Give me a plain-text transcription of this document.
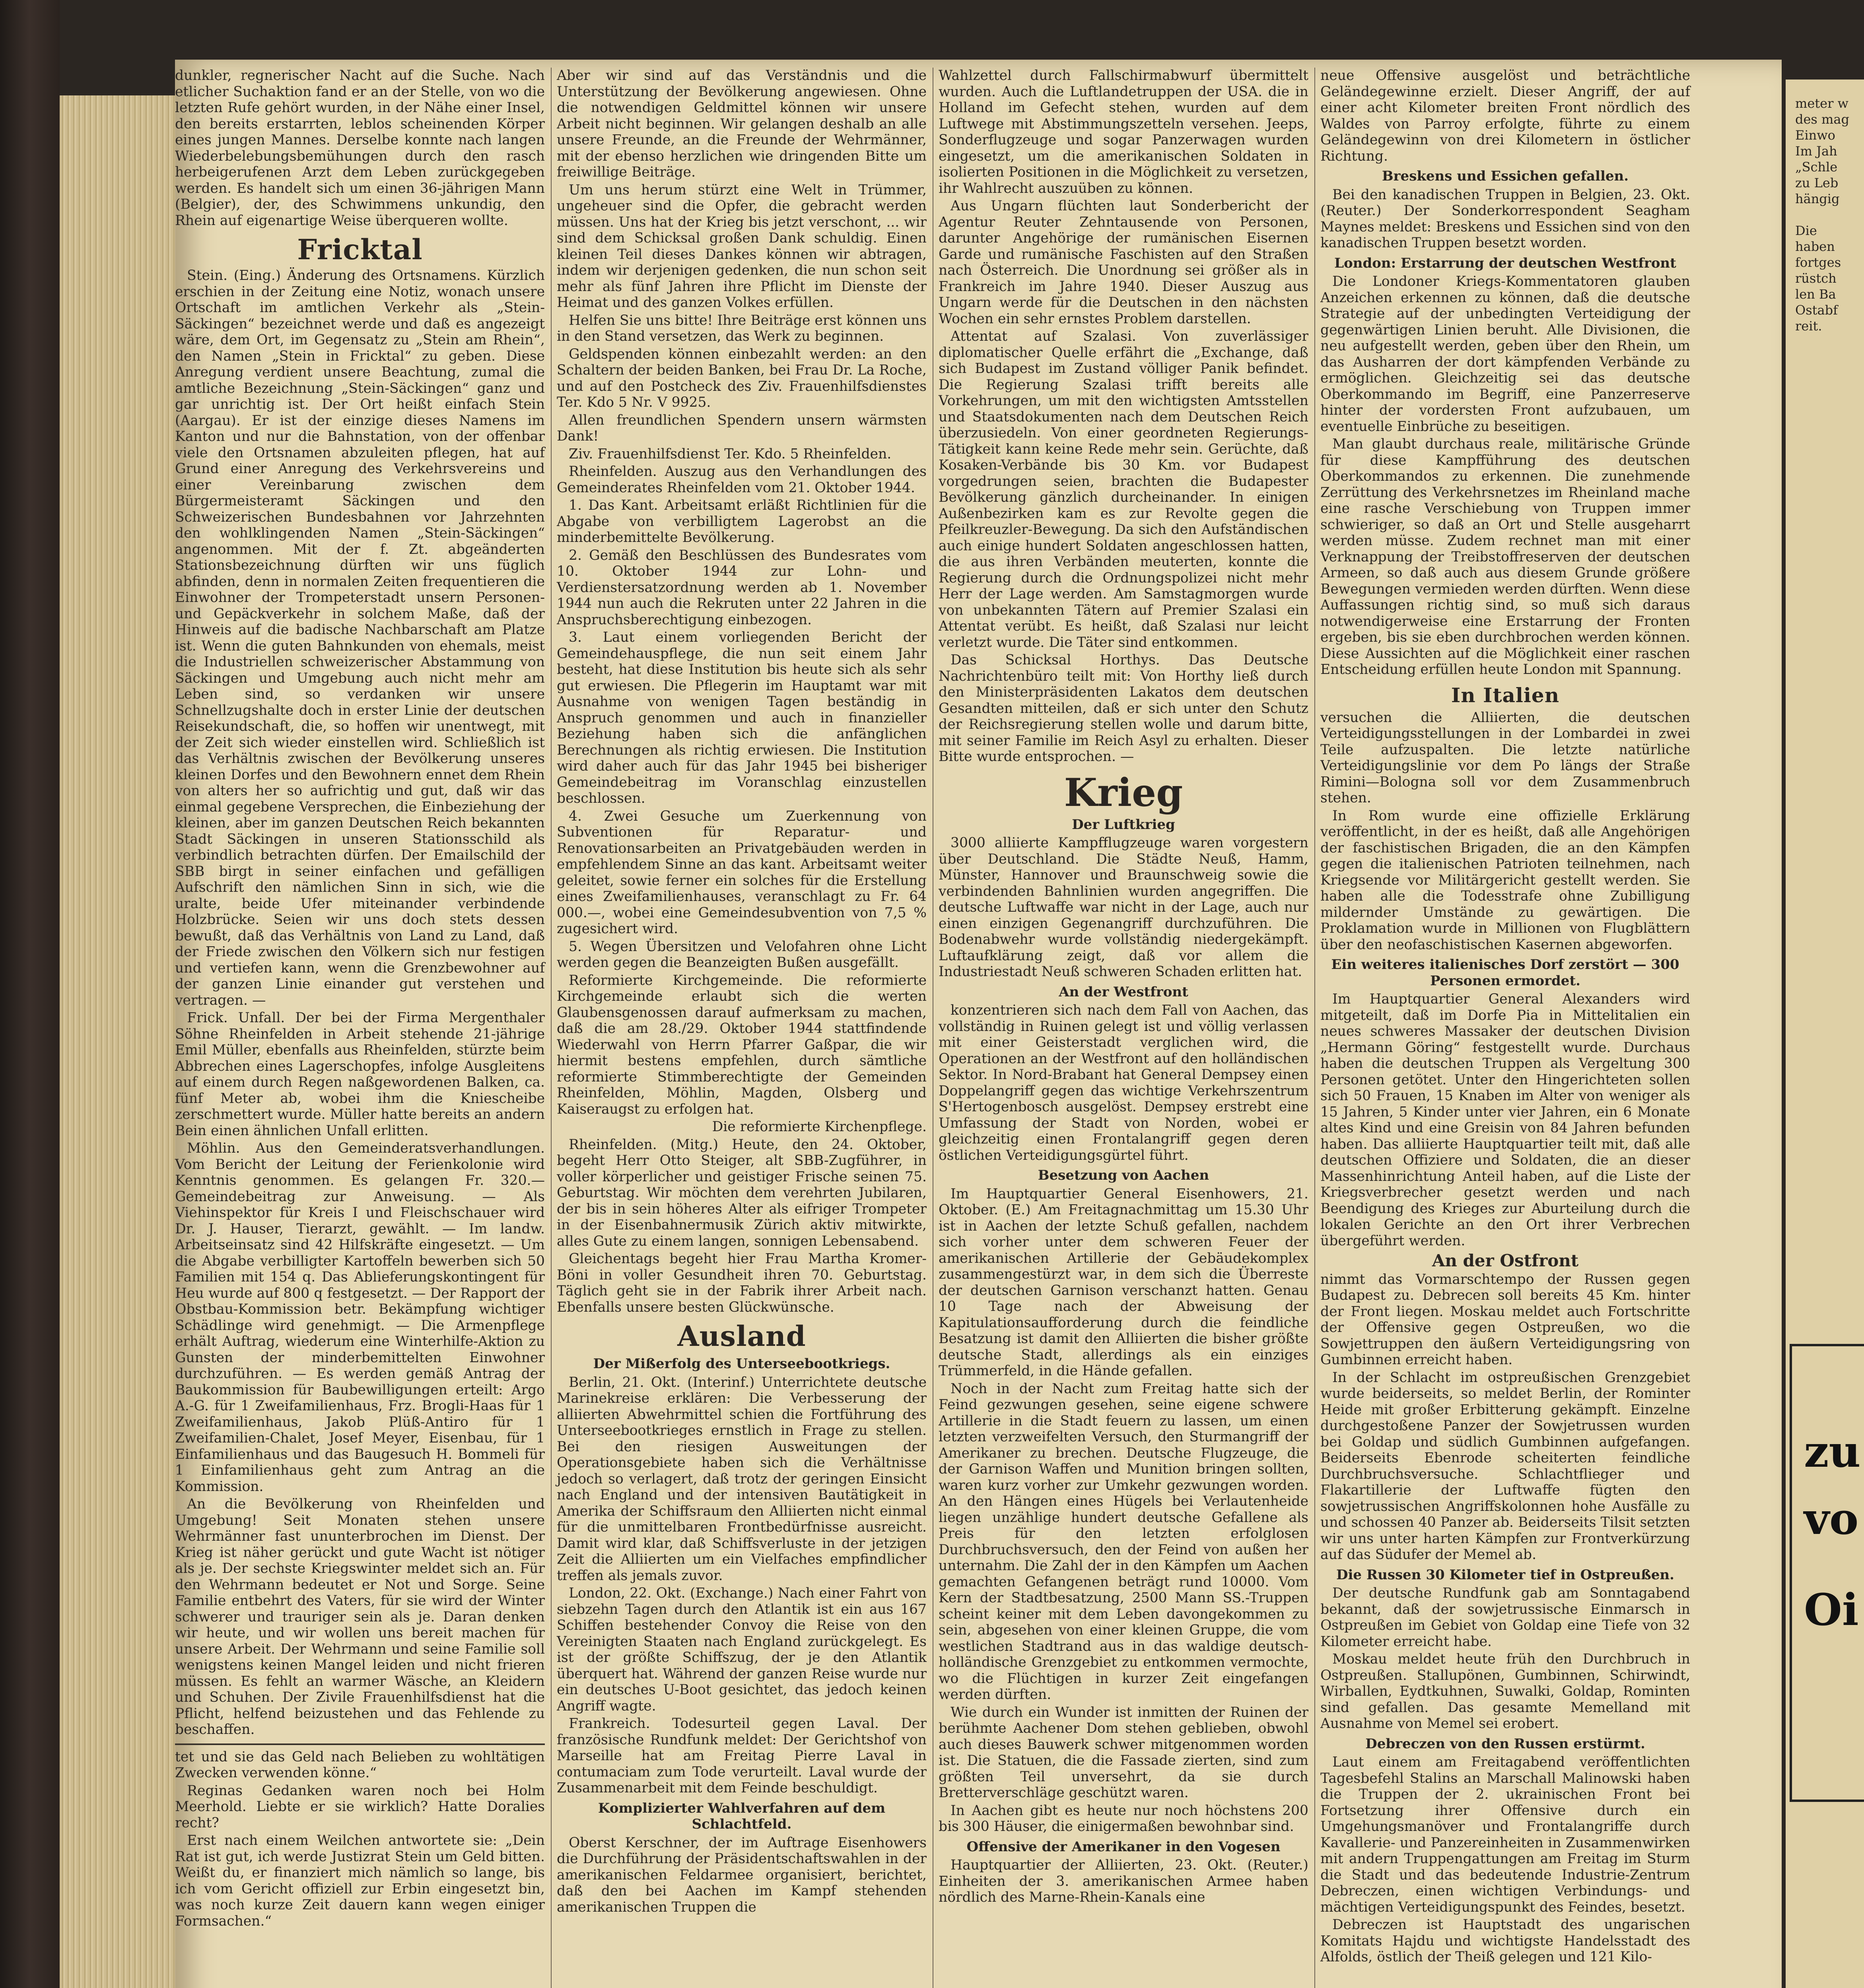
dunkler, regnerischer Nacht auf die Suche. Nach etlicher Suchaktion fand er an der Stelle, von wo die letzten Rufe gehört wurden, in der Nähe einer Insel, den bereits erstarrten, leblos scheinenden Körper eines jungen Mannes. Derselbe konnte nach langen Wiederbelebungsbemühungen durch den rasch herbeigerufenen Arzt dem Leben zurückgegeben werden. Es handelt sich um einen 36-jährigen Mann (Belgier), der, des Schwimmens unkundig, den Rhein auf eigenartige Weise überqueren wollte.

Fricktal

Stein. (Eing.) Änderung des Ortsnamens. Kürzlich erschien in der Zeitung eine Notiz, wonach unsere Ortschaft im amtlichen Verkehr als „Stein-Säckingen“ bezeichnet werde und daß es angezeigt wäre, dem Ort, im Gegensatz zu „Stein am Rhein“, den Namen „Stein in Fricktal“ zu geben. Diese Anregung verdient unsere Beachtung, zumal die amtliche Bezeichnung „Stein-Säckingen“ ganz und gar unrichtig ist. Der Ort heißt einfach Stein (Aargau). Er ist der einzige dieses Namens im Kanton und nur die Bahnstation, von der offenbar viele den Ortsnamen abzuleiten pflegen, hat auf Grund einer Anregung des Verkehrsvereins und einer Vereinbarung zwischen dem Bürgermeisteramt Säckingen und den Schweizerischen Bundesbahnen vor Jahrzehnten den wohlklingenden Namen „Stein-Säckingen“ angenommen. Mit der f. Zt. abgeänderten Stationsbezeichnung dürften wir uns füglich abfinden, denn in normalen Zeiten frequentieren die Einwohner der Trompeterstadt unsern Personen- und Gepäckverkehr in solchem Maße, daß der Hinweis auf die badische Nachbarschaft am Platze ist. Wenn die guten Bahnkunden von ehemals, meist die Industriellen schweizerischer Abstammung von Säckingen und Umgebung auch nicht mehr am Leben sind, so verdanken wir unsere Schnellzugshalte doch in erster Linie der deutschen Reisekundschaft, die, so hoffen wir unentwegt, mit der Zeit sich wieder einstellen wird. Schließlich ist das Verhältnis zwischen der Bevölkerung unseres kleinen Dorfes und den Bewohnern ennet dem Rhein von alters her so aufrichtig und gut, daß wir das einmal gegebene Versprechen, die Einbeziehung der kleinen, aber im ganzen Deutschen Reich bekannten Stadt Säckingen in unseren Stationsschild als verbindlich betrachten dürfen. Der Emailschild der SBB birgt in seiner einfachen und gefälligen Aufschrift den nämlichen Sinn in sich, wie die uralte, beide Ufer miteinander verbindende Holzbrücke. Seien wir uns doch stets dessen bewußt, daß das Verhältnis von Land zu Land, daß der Friede zwischen den Völkern sich nur festigen und vertiefen kann, wenn die Grenzbewohner auf der ganzen Linie einander gut verstehen und vertragen. —

Frick. Unfall. Der bei der Firma Mergenthaler Söhne Rheinfelden in Arbeit stehende 21-jährige Emil Müller, ebenfalls aus Rheinfelden, stürzte beim Abbrechen eines Lagerschopfes, infolge Ausgleitens auf einem durch Regen naßgewordenen Balken, ca. fünf Meter ab, wobei ihm die Kniescheibe zerschmettert wurde. Müller hatte bereits an andern Bein einen ähnlichen Unfall erlitten.

Möhlin. Aus den Gemeinderatsverhandlungen. Vom Bericht der Leitung der Ferienkolonie wird Kenntnis genommen. Es gelangen Fr. 320.— Gemeindebeitrag zur Anweisung. — Als Viehinspektor für Kreis I und Fleischschauer wird Dr. J. Hauser, Tierarzt, gewählt. — Im landw. Arbeitseinsatz sind 42 Hilfskräfte eingesetzt. — Um die Abgabe verbilligter Kartoffeln bewerben sich 50 Familien mit 154 q. Das Ablieferungskontingent für Heu wurde auf 800 q festgesetzt. — Der Rapport der Obstbau-Kommission betr. Bekämpfung wichtiger Schädlinge wird genehmigt. — Die Armenpflege erhält Auftrag, wiederum eine Winterhilfe-Aktion zu Gunsten der minderbemittelten Einwohner durchzuführen. — Es werden gemäß Antrag der Baukommission für Baubewilligungen erteilt: Argo A.-G. für 1 Zweifamilienhaus, Frz. Brogli-Haas für 1 Zweifamilienhaus, Jakob Plüß-Antiro für 1 Zweifamilien-Chalet, Josef Meyer, Eisenbau, für 1 Einfamilienhaus und das Baugesuch H. Bommeli für 1 Einfamilienhaus geht zum Antrag an die Kommission.

An die Bevölkerung von Rheinfelden und Umgebung! Seit Monaten stehen unsere Wehrmänner fast ununterbrochen im Dienst. Der Krieg ist näher gerückt und gute Wacht ist nötiger als je. Der sechste Kriegswinter meldet sich an. Für den Wehrmann bedeutet er Not und Sorge. Seine Familie entbehrt des Vaters, für sie wird der Winter schwerer und trauriger sein als je. Daran denken wir heute, und wir wollen uns bereit machen für unsere Arbeit. Der Wehrmann und seine Familie soll wenigstens keinen Mangel leiden und nicht frieren müssen. Es fehlt an warmer Wäsche, an Kleidern und Schuhen. Der Zivile Frauenhilfsdienst hat die Pflicht, helfend beizustehen und das Fehlende zu beschaffen.

tet und sie das Geld nach Belieben zu wohltätigen Zwecken verwenden könne.“

Reginas Gedanken waren noch bei Holm Meerhold. Liebte er sie wirklich? Hatte Doralies recht?

Erst nach einem Weilchen antwortete sie: „Dein Rat ist gut, ich werde Justizrat Stein um Geld bitten. Weißt du, er finanziert mich nämlich so lange, bis ich vom Gericht offiziell zur Erbin eingesetzt bin, was noch kurze Zeit dauern kann wegen einiger Formsachen.“

Aber wir sind auf das Verständnis und die Unterstützung der Bevölkerung angewiesen. Ohne die notwendigen Geldmittel können wir unsere Arbeit nicht beginnen. Wir gelangen deshalb an alle unsere Freunde, an die Freunde der Wehrmänner, mit der ebenso herzlichen wie dringenden Bitte um freiwillige Beiträge.

Um uns herum stürzt eine Welt in Trümmer, ungeheuer sind die Opfer, die gebracht werden müssen. Uns hat der Krieg bis jetzt verschont, ... wir sind dem Schicksal großen Dank schuldig. Einen kleinen Teil dieses Dankes können wir abtragen, indem wir derjenigen gedenken, die nun schon seit mehr als fünf Jahren ihre Pflicht im Dienste der Heimat und des ganzen Volkes erfüllen.

Helfen Sie uns bitte! Ihre Beiträge erst können uns in den Stand versetzen, das Werk zu beginnen.

Geldspenden können einbezahlt werden: an den Schaltern der beiden Banken, bei Frau Dr. La Roche, und auf den Postcheck des Ziv. Frauenhilfsdienstes Ter. Kdo 5 Nr. V 9925.

Allen freundlichen Spendern unsern wärmsten Dank!

Ziv. Frauenhilfsdienst Ter. Kdo. 5 Rheinfelden.

Rheinfelden. Auszug aus den Verhandlungen des Gemeinderates Rheinfelden vom 21. Oktober 1944.

1. Das Kant. Arbeitsamt erläßt Richtlinien für die Abgabe von verbilligtem Lagerobst an die minderbemittelte Bevölkerung.

2. Gemäß den Beschlüssen des Bundesrates vom 10. Oktober 1944 zur Lohn- und Verdienstersatzordnung werden ab 1. November 1944 nun auch die Rekruten unter 22 Jahren in die Anspruchsberechtigung einbezogen.

3. Laut einem vorliegenden Bericht der Gemeindehauspflege, die nun seit einem Jahr besteht, hat diese Institution bis heute sich als sehr gut erwiesen. Die Pflegerin im Hauptamt war mit Ausnahme von wenigen Tagen beständig in Anspruch genommen und auch in finanzieller Beziehung haben sich die anfänglichen Berechnungen als richtig erwiesen. Die Institution wird daher auch für das Jahr 1945 bei bisheriger Gemeindebeitrag im Voranschlag einzustellen beschlossen.

4. Zwei Gesuche um Zuerkennung von Subventionen für Reparatur- und Renovationsarbeiten an Privatgebäuden werden in empfehlendem Sinne an das kant. Arbeitsamt weiter geleitet, sowie ferner ein solches für die Erstellung eines Zweifamilienhauses, veranschlagt zu Fr. 64 000.—, wobei eine Gemeindesubvention von 7,5 % zugesichert wird.

5. Wegen Übersitzen und Velofahren ohne Licht werden gegen die Beanzeigten Bußen ausgefällt.

Reformierte Kirchgemeinde. Die reformierte Kirchgemeinde erlaubt sich die werten Glaubensgenossen darauf aufmerksam zu machen, daß die am 28./29. Oktober 1944 stattfindende Wiederwahl von Herrn Pfarrer Gaßpar, die wir hiermit bestens empfehlen, durch sämtliche reformierte Stimmberechtigte der Gemeinden Rheinfelden, Möhlin, Magden, Olsberg und Kaiseraugst zu erfolgen hat.

Die reformierte Kirchenpflege.

Rheinfelden. (Mitg.) Heute, den 24. Oktober, begeht Herr Otto Steiger, alt SBB-Zugführer, in voller körperlicher und geistiger Frische seinen 75. Geburtstag. Wir möchten dem verehrten Jubilaren, der bis in sein höheres Alter als eifriger Trompeter in der Eisenbahnermusik Zürich aktiv mitwirkte, alles Gute zu einem langen, sonnigen Lebensabend.

Gleichentags begeht hier Frau Martha Kromer-Böni in voller Gesundheit ihren 70. Geburtstag. Täglich geht sie in der Fabrik ihrer Arbeit nach. Ebenfalls unsere besten Glückwünsche.

Ausland
Der Mißerfolg des Unterseebootkriegs.

Berlin, 21. Okt. (Interinf.) Unterrichtete deutsche Marinekreise erklären: Die Verbesserung der alliierten Abwehrmittel schien die Fortführung des Unterseebootkrieges ernstlich in Frage zu stellen. Bei den riesigen Ausweitungen der Operationsgebiete haben sich die Verhältnisse jedoch so verlagert, daß trotz der geringen Einsicht nach England und der intensiven Bautätigkeit in Amerika der Schiffsraum den Alliierten nicht einmal für die unmittelbaren Frontbedürfnisse ausreicht. Damit wird klar, daß Schiffsverluste in der jetzigen Zeit die Alliierten um ein Vielfaches empfindlicher treffen als jemals zuvor.

London, 22. Okt. (Exchange.) Nach einer Fahrt von siebzehn Tagen durch den Atlantik ist ein aus 167 Schiffen bestehender Convoy die Reise von den Vereinigten Staaten nach England zurückgelegt. Es ist der größte Schiffszug, der je den Atlantik überquert hat. Während der ganzen Reise wurde nur ein deutsches U-Boot gesichtet, das jedoch keinen Angriff wagte.

Frankreich. Todesurteil gegen Laval. Der französische Rundfunk meldet: Der Gerichtshof von Marseille hat am Freitag Pierre Laval in contumaciam zum Tode verurteilt. Laval wurde der Zusammenarbeit mit dem Feinde beschuldigt.

Komplizierter Wahlverfahren auf dem Schlachtfeld.

Oberst Kerschner, der im Auftrage Eisenhowers die Durchführung der Präsidentschaftswahlen in der amerikanischen Feldarmee organisiert, berichtet, daß den bei Aachen im Kampf stehenden amerikanischen Truppen die

Wahlzettel durch Fallschirmabwurf übermittelt wurden. Auch die Luftlandetruppen der USA. die in Holland im Gefecht stehen, wurden auf dem Luftwege mit Abstimmungszetteln versehen. Jeeps, Sonderflugzeuge und sogar Panzerwagen wurden eingesetzt, um die amerikanischen Soldaten in isolierten Positionen in die Möglichkeit zu versetzen, ihr Wahlrecht auszuüben zu können.

Aus Ungarn flüchten laut Sonderbericht der Agentur Reuter Zehntausende von Personen, darunter Angehörige der rumänischen Eisernen Garde und rumänische Faschisten auf den Straßen nach Österreich. Die Unordnung sei größer als in Frankreich im Jahre 1940. Dieser Auszug aus Ungarn werde für die Deutschen in den nächsten Wochen ein sehr ernstes Problem darstellen.

Attentat auf Szalasi. Von zuverlässiger diplomatischer Quelle erfährt die „Exchange, daß sich Budapest im Zustand völliger Panik befindet. Die Regierung Szalasi trifft bereits alle Vorkehrungen, um mit den wichtigsten Amtsstellen und Staatsdokumenten nach dem Deutschen Reich überzusiedeln. Von einer geordneten Regierungs-Tätigkeit kann keine Rede mehr sein. Gerüchte, daß Kosaken-Verbände bis 30 Km. vor Budapest vorgedrungen seien, brachten die Budapester Bevölkerung gänzlich durcheinander. In einigen Außenbezirken kam es zur Revolte gegen die Pfeilkreuzler-Bewegung. Da sich den Aufständischen auch einige hundert Soldaten angeschlossen hatten, die aus ihren Verbänden meuterten, konnte die Regierung durch die Ordnungspolizei nicht mehr Herr der Lage werden. Am Samstagmorgen wurde von unbekannten Tätern auf Premier Szalasi ein Attentat verübt. Es heißt, daß Szalasi nur leicht verletzt wurde. Die Täter sind entkommen.

Das Schicksal Horthys. Das Deutsche Nachrichtenbüro teilt mit: Von Horthy ließ durch den Ministerpräsidenten Lakatos dem deutschen Gesandten mitteilen, daß er sich unter den Schutz der Reichsregierung stellen wolle und darum bitte, mit seiner Familie im Reich Asyl zu erhalten. Dieser Bitte wurde entsprochen. —

Krieg
Der Luftkrieg

3000 alliierte Kampfflugzeuge waren vorgestern über Deutschland. Die Städte Neuß, Hamm, Münster, Hannover und Braunschweig sowie die verbindenden Bahnlinien wurden angegriffen. Die deutsche Luftwaffe war nicht in der Lage, auch nur einen einzigen Gegenangriff durchzuführen. Die Bodenabwehr wurde vollständig niedergekämpft. Luftaufklärung zeigt, daß vor allem die Industriestadt Neuß schweren Schaden erlitten hat.

An der Westfront

konzentrieren sich nach dem Fall von Aachen, das vollständig in Ruinen gelegt ist und völlig verlassen mit einer Geisterstadt verglichen wird, die Operationen an der Westfront auf den holländischen Sektor. In Nord-Brabant hat General Dempsey einen Doppelangriff gegen das wichtige Verkehrszentrum S'Hertogenbosch ausgelöst. Dempsey erstrebt eine Umfassung der Stadt von Norden, wobei er gleichzeitig einen Frontalangriff gegen deren östlichen Verteidigungsgürtel führt.

Besetzung von Aachen

Im Hauptquartier General Eisenhowers, 21. Oktober. (E.) Am Freitagnachmittag um 15.30 Uhr ist in Aachen der letzte Schuß gefallen, nachdem sich vorher unter dem schweren Feuer der amerikanischen Artillerie der Gebäudekomplex zusammengestürzt war, in dem sich die Überreste der deutschen Garnison verschanzt hatten. Genau 10 Tage nach der Abweisung der Kapitulationsaufforderung durch die feindliche Besatzung ist damit den Alliierten die bisher größte deutsche Stadt, allerdings als ein einziges Trümmerfeld, in die Hände gefallen.

Noch in der Nacht zum Freitag hatte sich der Feind gezwungen gesehen, seine eigene schwere Artillerie in die Stadt feuern zu lassen, um einen letzten verzweifelten Versuch, den Sturmangriff der Amerikaner zu brechen. Deutsche Flugzeuge, die der Garnison Waffen und Munition bringen sollten, waren kurz vorher zur Umkehr gezwungen worden. An den Hängen eines Hügels bei Verlautenheide liegen unzählige hundert deutsche Gefallene als Preis für den letzten erfolglosen Durchbruchsversuch, den der Feind von außen her unternahm. Die Zahl der in den Kämpfen um Aachen gemachten Gefangenen beträgt rund 10000. Vom Kern der Stadtbesatzung, 2500 Mann SS.-Truppen scheint keiner mit dem Leben davongekommen zu sein, abgesehen von einer kleinen Gruppe, die vom westlichen Stadtrand aus in das waldige deutsch-holländische Grenzgebiet zu entkommen vermochte, wo die Flüchtigen in kurzer Zeit eingefangen werden dürften.

Wie durch ein Wunder ist inmitten der Ruinen der berühmte Aachener Dom stehen geblieben, obwohl auch dieses Bauwerk schwer mitgenommen worden ist. Die Statuen, die die Fassade zierten, sind zum größten Teil unversehrt, da sie durch Bretterverschläge geschützt waren.

In Aachen gibt es heute nur noch höchstens 200 bis 300 Häuser, die einigermaßen bewohnbar sind.

Offensive der Amerikaner in den Vogesen

Hauptquartier der Alliierten, 23. Okt. (Reuter.) Einheiten der 3. amerikanischen Armee haben nördlich des Marne-Rhein-Kanals eine

neue Offensive ausgelöst und beträchtliche Geländegewinne erzielt. Dieser Angriff, der auf einer acht Kilometer breiten Front nördlich des Waldes von Parroy erfolgte, führte zu einem Geländegewinn von drei Kilometern in östlicher Richtung.

Breskens und Essichen gefallen.

Bei den kanadischen Truppen in Belgien, 23. Okt. (Reuter.) Der Sonderkorrespondent Seagham Maynes meldet: Breskens und Essichen sind von den kanadischen Truppen besetzt worden.

London: Erstarrung der deutschen Westfront

Die Londoner Kriegs-Kommentatoren glauben Anzeichen erkennen zu können, daß die deutsche Strategie auf der unbedingten Verteidigung der gegenwärtigen Linien beruht. Alle Divisionen, die neu aufgestellt werden, geben über den Rhein, um das Ausharren der dort kämpfenden Verbände zu ermöglichen. Gleichzeitig sei das deutsche Oberkommando im Begriff, eine Panzerreserve hinter der vordersten Front aufzubauen, um eventuelle Einbrüche zu beseitigen.

Man glaubt durchaus reale, militärische Gründe für diese Kampfführung des deutschen Oberkommandos zu erkennen. Die zunehmende Zerrüttung des Verkehrsnetzes im Rheinland mache eine rasche Verschiebung von Truppen immer schwieriger, so daß an Ort und Stelle ausgeharrt werden müsse. Zudem rechnet man mit einer Verknappung der Treibstoffreserven der deutschen Armeen, so daß auch aus diesem Grunde größere Bewegungen vermieden werden dürften. Wenn diese Auffassungen richtig sind, so muß sich daraus notwendigerweise eine Erstarrung der Fronten ergeben, bis sie eben durchbrochen werden können. Diese Aussichten auf die Möglichkeit einer raschen Entscheidung erfüllen heute London mit Spannung.

In Italien

versuchen die Alliierten, die deutschen Verteidigungsstellungen in der Lombardei in zwei Teile aufzuspalten. Die letzte natürliche Verteidigungslinie vor dem Po längs der Straße Rimini—Bologna soll vor dem Zusammenbruch stehen.

In Rom wurde eine offizielle Erklärung veröffentlicht, in der es heißt, daß alle Angehörigen der faschistischen Brigaden, die an den Kämpfen gegen die italienischen Patrioten teilnehmen, nach Kriegsende vor Militärgericht gestellt werden. Sie haben alle die Todesstrafe ohne Zubilligung mildernder Umstände zu gewärtigen. Die Proklamation wurde in Millionen von Flugblättern über den neofaschistischen Kasernen abgeworfen.

Ein weiteres italienisches Dorf zerstört — 300 Personen ermordet.

Im Hauptquartier General Alexanders wird mitgeteilt, daß im Dorfe Pia in Mittelitalien ein neues schweres Massaker der deutschen Division „Hermann Göring“ festgestellt wurde. Durchaus haben die deutschen Truppen als Vergeltung 300 Personen getötet. Unter den Hingerichteten sollen sich 50 Frauen, 15 Knaben im Alter von weniger als 15 Jahren, 5 Kinder unter vier Jahren, ein 6 Monate altes Kind und eine Greisin von 84 Jahren befunden haben. Das alliierte Hauptquartier teilt mit, daß alle deutschen Offiziere und Soldaten, die an dieser Massenhinrichtung Anteil haben, auf die Liste der Kriegsverbrecher gesetzt werden und nach Beendigung des Krieges zur Aburteilung durch die lokalen Gerichte an den Ort ihrer Verbrechen übergeführt werden.

An der Ostfront

nimmt das Vormarschtempo der Russen gegen Budapest zu. Debrecen soll bereits 45 Km. hinter der Front liegen. Moskau meldet auch Fortschritte der Offensive gegen Ostpreußen, wo die Sowjettruppen den äußern Verteidigungsring von Gumbinnen erreicht haben.

In der Schlacht im ostpreußischen Grenzgebiet wurde beiderseits, so meldet Berlin, der Rominter Heide mit großer Erbitterung gekämpft. Einzelne durchgestoßene Panzer der Sowjetrussen wurden bei Goldap und südlich Gumbinnen aufgefangen. Beiderseits Ebenrode scheiterten feindliche Durchbruchsversuche. Schlachtflieger und Flakartillerie der Luftwaffe fügten den sowjetrussischen Angriffskolonnen hohe Ausfälle zu und schossen 40 Panzer ab. Beiderseits Tilsit setzten wir uns unter harten Kämpfen zur Frontverkürzung auf das Südufer der Memel ab.

Die Russen 30 Kilometer tief in Ostpreußen.

Der deutsche Rundfunk gab am Sonntagabend bekannt, daß der sowjetrussische Einmarsch in Ostpreußen im Gebiet von Goldap eine Tiefe von 32 Kilometer erreicht habe.

Moskau meldet heute früh den Durchbruch in Ostpreußen. Stallupönen, Gumbinnen, Schirwindt, Wirballen, Eydtkuhnen, Suwalki, Goldap, Rominten sind gefallen. Das gesamte Memelland mit Ausnahme von Memel sei erobert.

Debreczen von den Russen erstürmt.

Laut einem am Freitagabend veröffentlichten Tagesbefehl Stalins an Marschall Malinowski haben die Truppen der 2. ukrainischen Front bei Fortsetzung ihrer Offensive durch ein Umgehungsmanöver und Frontalangriffe durch Kavallerie- und Panzereinheiten in Zusammenwirken mit andern Truppengattungen am Freitag im Sturm die Stadt und das bedeutende Industrie-Zentrum Debreczen, einen wichtigen Verbindungs- und mächtigen Verteidigungspunkt des Feindes, besetzt.

Debreczen ist Hauptstadt des ungarischen Komitats Hajdu und wichtigste Handelsstadt des Alfolds, östlich der Theiß gelegen und 121 Kilo-

meter w
des mag
Einwo
Im Jah
„Schle
zu Leb
hängig

Die
haben
fortges
rüstch
len Ba
Ostabf
reit.
zu
vo
Oi
